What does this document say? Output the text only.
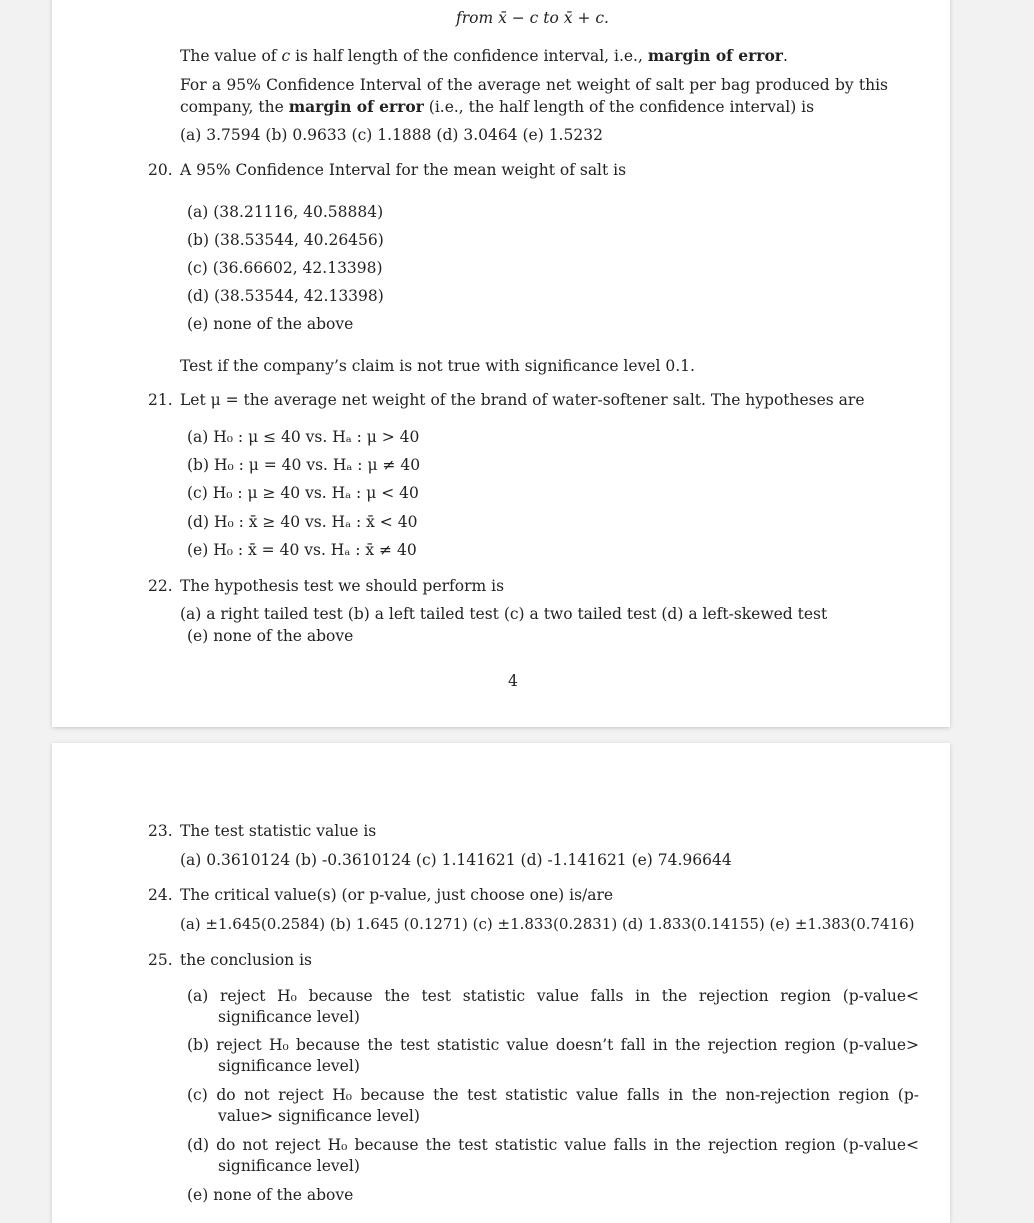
from x̄ − c to x̄ + c.
The value of c is half length of the confidence interval, i.e., margin of error.
For a 95% Confidence Interval of the average net weight of salt per bag produced by this company, the margin of error (i.e., the half length of the confidence interval) is
(a) 3.7594 (b) 0.9633 (c) 1.1888 (d) 3.0464 (e) 1.5232
20. A 95% Confidence Interval for the mean weight of salt is
(a) (38.21116, 40.58884)
(b) (38.53544, 40.26456)
(c) (36.66602, 42.13398)
(d) (38.53544, 42.13398)
(e) none of the above
Test if the company’s claim is not true with significance level 0.1.
21. Let μ = the average net weight of the brand of water-softener salt. The hypotheses are
(a) H₀ : μ ≤ 40 vs. Hₐ : μ > 40
(b) H₀ : μ = 40 vs. Hₐ : μ ≠ 40
(c) H₀ : μ ≥ 40 vs. Hₐ : μ < 40
(d) H₀ : x̄ ≥ 40 vs. Hₐ : x̄ < 40
(e) H₀ : x̄ = 40 vs. Hₐ : x̄ ≠ 40
22. The hypothesis test we should perform is
(a) a right tailed test (b) a left tailed test (c) a two tailed test (d) a left-skewed test
(e) none of the above
4
23. The test statistic value is
(a) 0.3610124 (b) -0.3610124 (c) 1.141621 (d) -1.141621 (e) 74.96644
24. The critical value(s) (or p-value, just choose one) is/are
(a) ±1.645(0.2584) (b) 1.645 (0.1271) (c) ±1.833(0.2831) (d) 1.833(0.14155) (e) ±1.383(0.7416)
25. the conclusion is
(a) reject H₀ because the test statistic value falls in the rejection region (p-value< significance level)
(b) reject H₀ because the test statistic value doesn’t fall in the rejection region (p-value> significance level)
(c) do not reject H₀ because the test statistic value falls in the non-rejection region (p-value> significance level)
(d) do not reject H₀ because the test statistic value falls in the rejection region (p-value< significance level)
(e) none of the above
